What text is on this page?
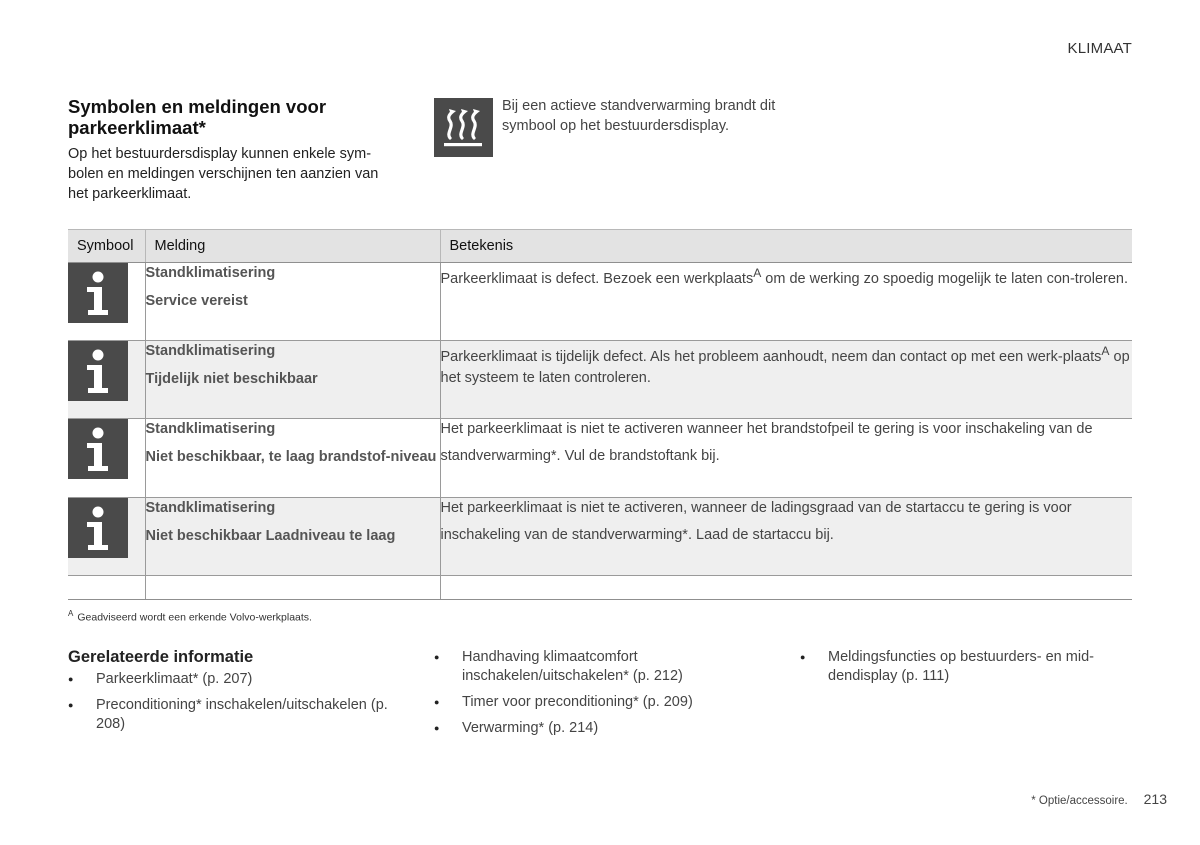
KLIMAAT
Symbolen en meldingen voor parkeerklimaat*

Op het bestuurdersdisplay kunnen enkele sym-bolen en meldingen verschijnen ten aanzien van het parkeerklimaat.

Bij een actieve standverwarming brandt dit symbool op het bestuurdersdisplay.
Symbool	Melding	Betekenis

Standklimatisering
Service vereist	Parkeerklimaat is defect. Bezoek een werkplaats$^A$ om de werking zo spoedig mogelijk te laten con-troleren.

Standklimatisering
Tijdelijk niet beschikbaar	Parkeerklimaat is tijdelijk defect. Als het probleem aanhoudt, neem dan contact op met een werk-plaats$^A$ op het systeem te laten controleren.

Standklimatisering
Niet beschikbaar, te laag brandstof-niveau	Het parkeerklimaat is niet te activeren wanneer het brandstofpeil te gering is voor inschakeling van de standverwarming*. Vul de brandstoftank bij.

Standklimatisering
Niet beschikbaar Laadniveau te laag	Het parkeerklimaat is niet te activeren, wanneer de ladingsgraad van de startaccu te gering is voor inschakeling van de standverwarming*. Laad de startaccu bij.

$^A$ Geadviseerd wordt een erkende Volvo-werkplaats.
Gerelateerde informatie
● Parkeerklimaat* (p. 207)
● Preconditioning* inschakelen/uitschakelen (p. 208)
● Handhaving klimaatcomfort inschakelen/uitschakelen* (p. 212)
● Timer voor preconditioning* (p. 209)
● Verwarming* (p. 214)
● Meldingsfuncties op bestuurders- en mid-dendisplay (p. 111)
* Optie/accessoire. 213
